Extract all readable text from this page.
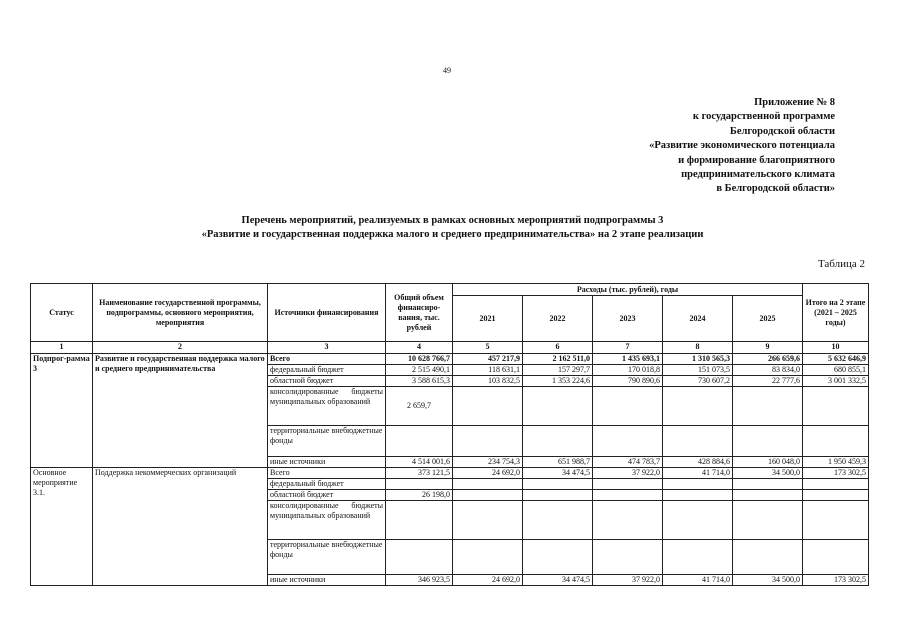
49
Приложение № 8
к государственной программе
Белгородской области
«Развитие экономического потенциала
и формирование благоприятного
предпринимательского климата
в Белгородской области»
Перечень мероприятий, реализуемых в рамках основных мероприятий подпрограммы 3
«Развитие и государственная поддержка малого и среднего предпринимательства» на 2 этапе реализации
Таблица 2
Статус	Наименование государственной программы, подпрограммы, основного мероприятия, мероприятия	Источники финансирования	Общий объем финансиро-вания, тыс. рублей	Расходы (тыс. рублей), годы					Итого на 2 этапе (2021 – 2025 годы)
				2021	2022	2023	2024	2025	
1	2	3	4	5	6	7	8	9	10
Подпрог-рамма 3	Развитие и государственная поддержка малого и среднего предпринимательства	Всего	10 628 766,7	457 217,9	2 162 511,0	1 435 693,1	1 310 565,3	266 659,6	5 632 646,9
		федеральный бюджет	2 515 490,1	118 631,1	157 297,7	170 018,8	151 073,5	83 834,0	680 855,1
		областной бюджет	3 588 615,3	103 832,5	1 353 224,6	790 890,6	730 607,2	22 777,6	3 001 332,5
		консолидированные бюджеты муниципальных образований	2 659,7						
		территориальные внебюджетные фонды							
		иные источники	4 514 001,6	234 754,3	651 988,7	474 783,7	428 884,6	160 048,0	1 950 459,3
Основное мероприятие 3.1.	Поддержка некоммерческих организаций	Всего	373 121,5	24 692,0	34 474,5	37 922,0	41 714,0	34 500,0	173 302,5
		федеральный бюджет							
		областной бюджет	26 198,0						
		консолидированные бюджеты муниципальных образований							
		территориальные внебюджетные фонды							
		иные источники	346 923,5	24 692,0	34 474,5	37 922,0	41 714,0	34 500,0	173 302,5
